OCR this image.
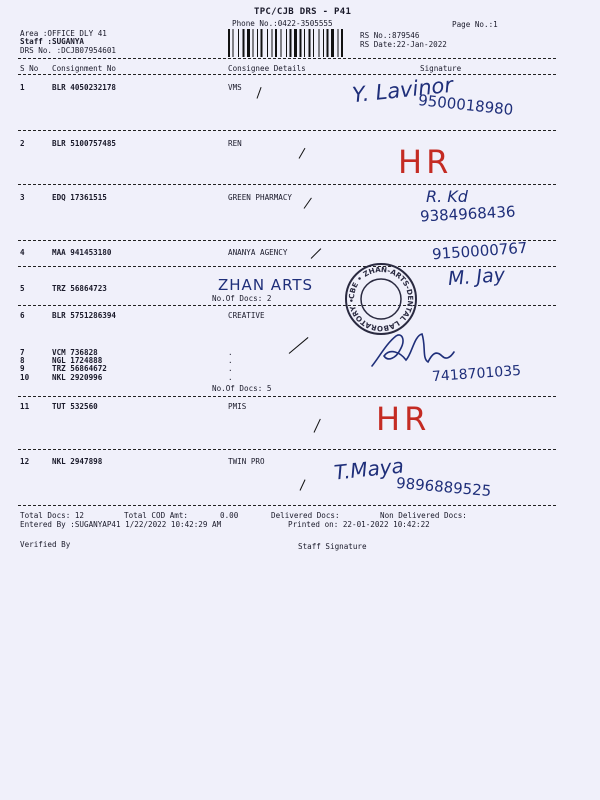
TPC/CJB DRS - P41
Phone No.:0422-3505555	Page No.:1
Area :OFFICE DLY 41
Staff :SUGANYA
DRS No. :DCJB07954601
RS No.:879546
RS Date:22-Jan-2022
S No Consignment No	Consignee Details	Signature
1	BLR 4050232178	VMS
2	BLR 5100757485	REN
3	EDQ 17361515	GREEN PHARMACY
4	MAA 941453180	ANANYA AGENCY
5	TRZ 56864723
No.Of Docs: 2
6	BLR 5751286394	CREATIVE
7	VCM 736828	.
8	NGL 1724888	.
9	TRZ 56864672	.
10	NKL 2920996	.
No.Of Docs: 5
11	TUT 532560	PMIS
12	NKL 2947898	TWIN PRO
Total Docs: 12	Total COD Amt:	0.00	Delivered Docs:	Non Delivered Docs:
Entered By :SUGANYAP41 1/22/2022 10:42:29 AM	Printed on: 22-01-2022 10:42:22
Verified By	Staff Signature
Y. Lavinor
9500018980
HR
R. Kd
9384968436
9150000767
ZHAN ARTS	M. Jay
CBE • ZHAN-ARTS-DENTAL LABORATORY •
7418701035
HR
T.Maya
9896889525
